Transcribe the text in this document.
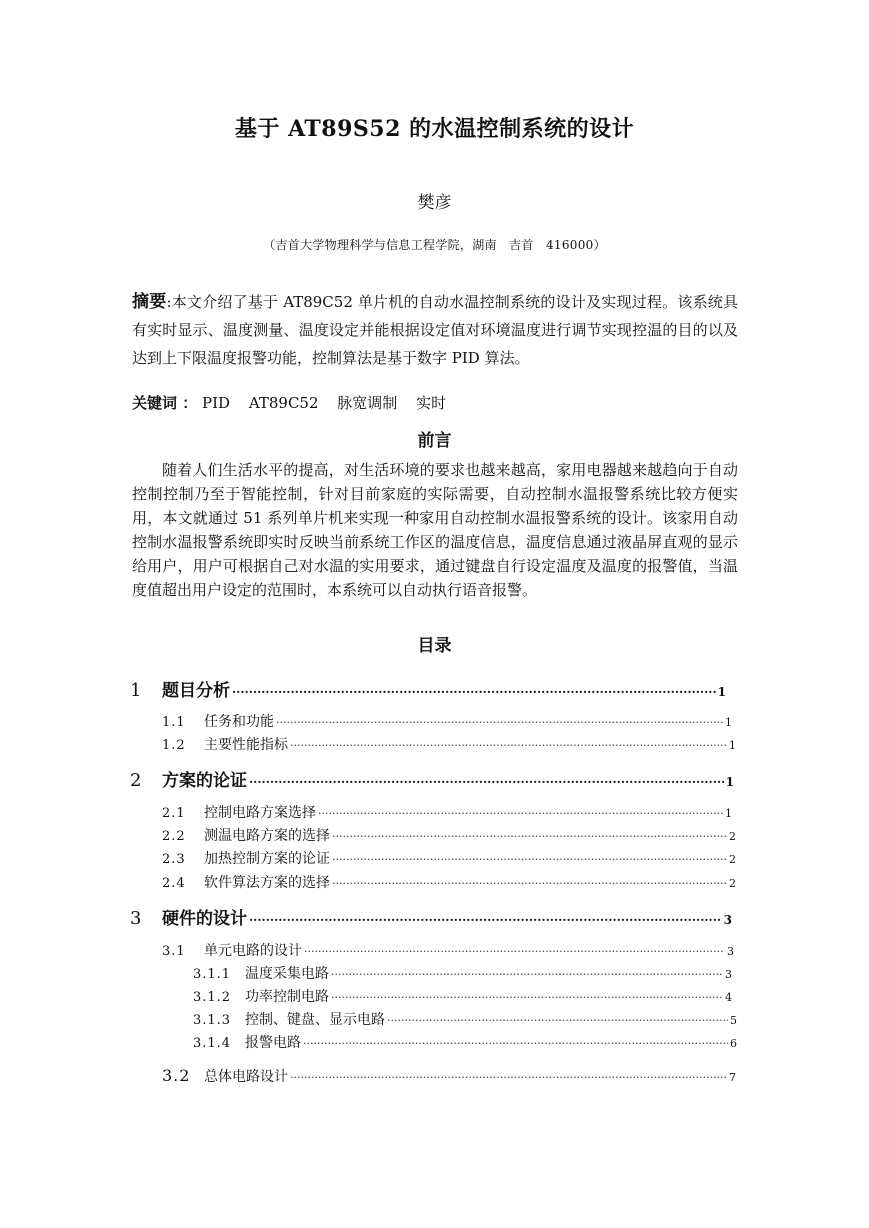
基于 AT89S52 的水温控制系统的设计
樊彦
（吉首大学物理科学与信息工程学院，湖南　吉首　416000）
摘要:本文介绍了基于 AT89C52 单片机的自动水温控制系统的设计及实现过程。该系统具有实时显示、温度测量、温度设定并能根据设定值对环境温度进行调节实现控温的目的以及达到上下限温度报警功能，控制算法是基于数字 PID 算法。
关键词 ： PID AT89C52 脉宽调制 实时
前言
随着人们生活水平的提高，对生活环境的要求也越来越高，家用电器越来越趋向于自动控制控制乃至于智能控制，针对目前家庭的实际需要，自动控制水温报警系统比较方便实用，本文就通过 51 系列单片机来实现一种家用自动控制水温报警系统的设计。该家用自动控制水温报警系统即实时反映当前系统工作区的温度信息，温度信息通过液晶屏直观的显示给用户，用户可根据自己对水温的实用要求，通过键盘自行设定温度及温度的报警值，当温度值超出用户设定的范围时，本系统可以自动执行语音报警。
目录
1	题目分析 ·····	1
1.1	任务和功能 ·····	1
1.2	主要性能指标 ·····	1
2	方案的论证 ·····	1
2.1	控制电路方案选择 ·····	1
2.2	测温电路方案的选择 ·····	2
2.3	加热控制方案的论证 ·····	2
2.4	软件算法方案的选择 ·····	2
3	硬件的设计 ·····	3
3.1	单元电路的设计 ·····	3
3.1.1 温度采集电路 ·····	3
3.1.2 功率控制电路 ·····	4
3.1.3 控制、键盘、显示电路 ·····	5
3.1.4 报警电路 ·····	6
3.2 总体电路设计 ·····	7
